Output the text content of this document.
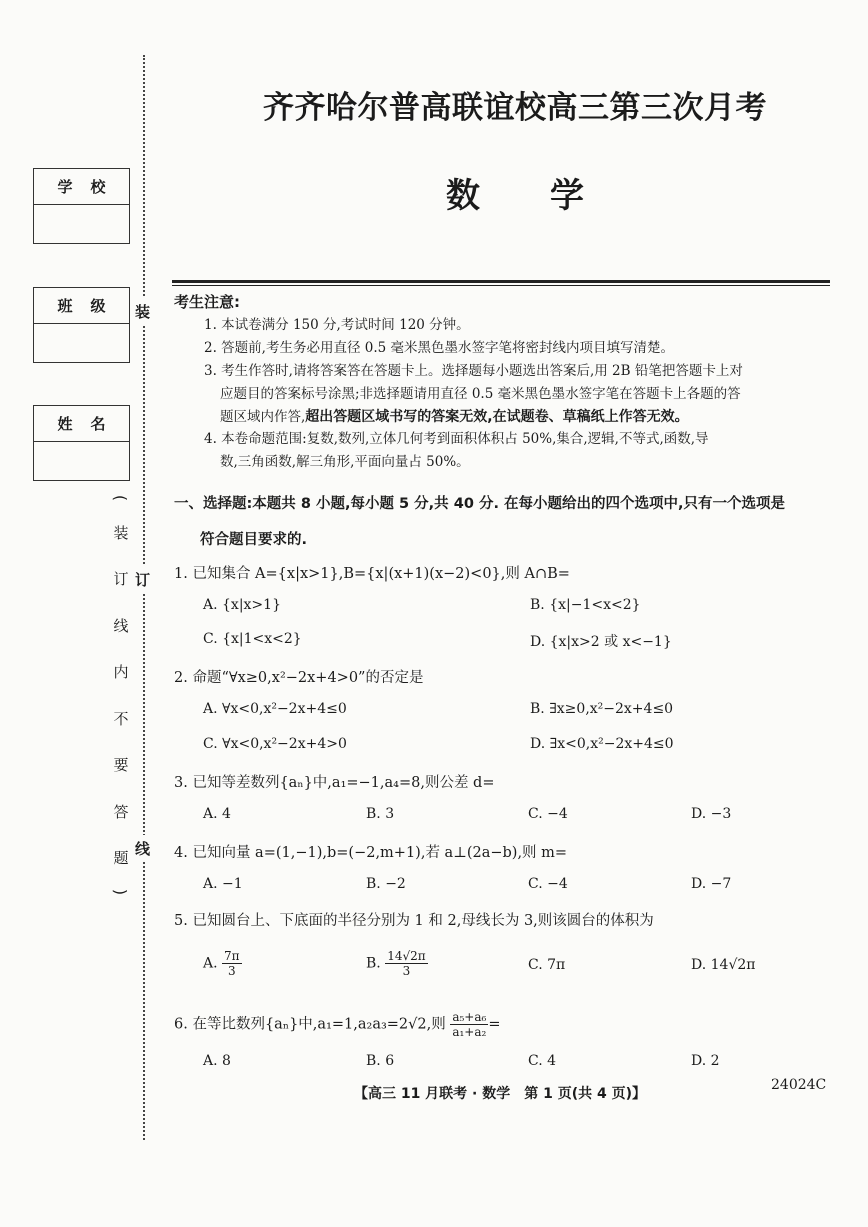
学校
班级
姓名
装
订
线
(
装
订
线
内
不
要
答
题
)
齐齐哈尔普高联谊校高三第三次月考
数学
考生注意:
1. 本试卷满分 150 分,考试时间 120 分钟。
2. 答题前,考生务必用直径 0.5 毫米黑色墨水签字笔将密封线内项目填写清楚。
3. 考生作答时,请将答案答在答题卡上。选择题每小题选出答案后,用 2B 铅笔把答题卡上对
应题目的答案标号涂黑;非选择题请用直径 0.5 毫米黑色墨水签字笔在答题卡上各题的答
题区域内作答,超出答题区域书写的答案无效,在试题卷、草稿纸上作答无效。
4. 本卷命题范围:复数,数列,立体几何考到面积体积占 50%,集合,逻辑,不等式,函数,导
数,三角函数,解三角形,平面向量占 50%。
一、选择题:本题共 8 小题,每小题 5 分,共 40 分. 在每小题给出的四个选项中,只有一个选项是
符合题目要求的.
1. 已知集合 A={x|x>1},B={x|(x+1)(x−2)<0},则 A∩B=
A. {x|x>1}	B. {x|−1<x<2}
C. {x|1<x<2}	D. {x|x>2 或 x<−1}
2. 命题“∀x≥0,x²−2x+4>0”的否定是
A. ∀x<0,x²−2x+4≤0	B. ∃x≥0,x²−2x+4≤0
C. ∀x<0,x²−2x+4>0	D. ∃x<0,x²−2x+4≤0
3. 已知等差数列{aₙ}中,a₁=−1,a₄=8,则公差 d=
A. 4	B. 3	C. −4	D. −3
4. 已知向量 a=(1,−1),b=(−2,m+1),若 a⊥(2a−b),则 m=
A. −1	B. −2	C. −4	D. −7
5. 已知圆台上、下底面的半径分别为 1 和 2,母线长为 3,则该圆台的体积为
A. $\frac{7\pi}{3}$	B. $\frac{14√2\pi}{3}$	C. 7π	D. 14√2π
6. 在等比数列{aₙ}中,a₁=1,a₂a₃=2√2,则 $\frac{\text{a₅+a₆}}{\text{a₁+a₂}}$ =
A. 8	B. 6	C. 4	D. 2
【高三 11 月联考 · 数学　第 1 页(共 4 页)】
24024C
